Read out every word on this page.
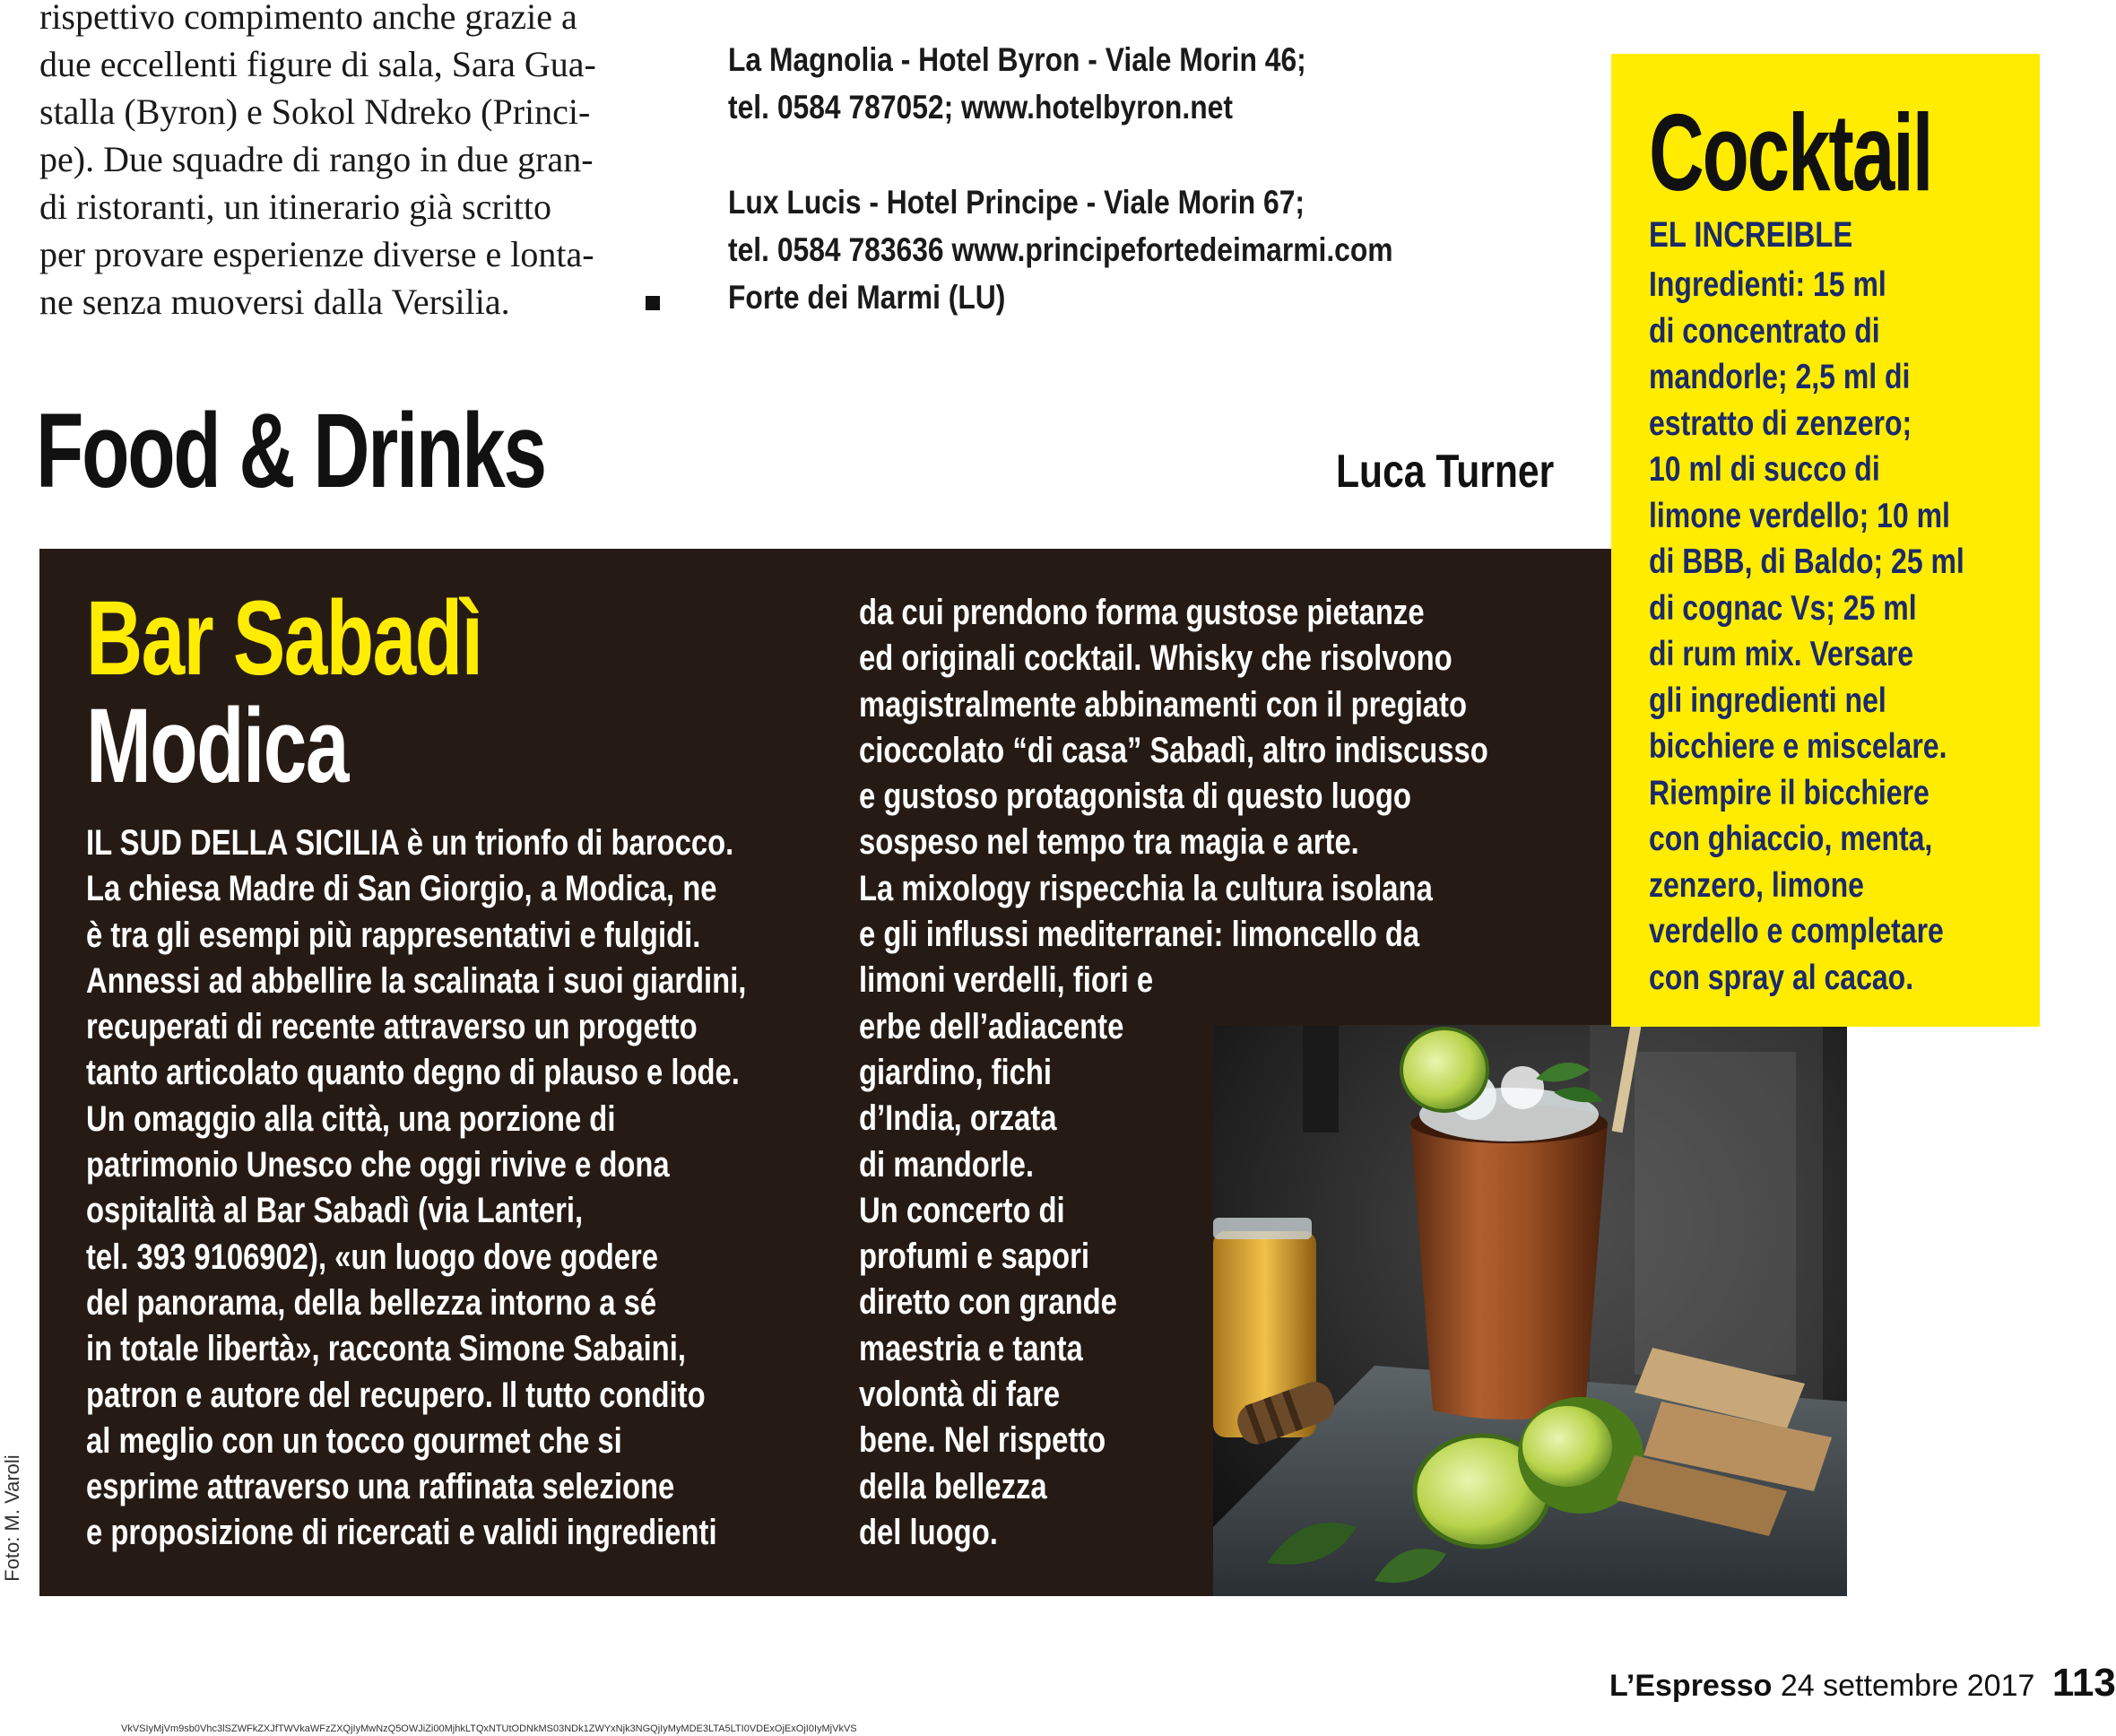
rispettivo compimento anche grazie a
due eccellenti figure di sala, Sara Gua-
stalla (Byron) e Sokol Ndreko (Princi-
pe). Due squadre di rango in due gran-
di ristoranti, un itinerario già scritto
per provare esperienze diverse e lonta-
ne senza muoversi dalla Versilia.
La Magnolia - Hotel Byron - Viale Morin 46;
tel. 0584 787052; www.hotelbyron.net
Lux Lucis - Hotel Principe - Viale Morin 67;
tel. 0584 783636 www.principefortedeimarmi.com
Forte dei Marmi (LU)
Food & Drinks	Luca Turner
Bar Sabadì
Modica
IL SUD DELLA SICILIA è un trionfo di barocco.
La chiesa Madre di San Giorgio, a Modica, ne
è tra gli esempi più rappresentativi e fulgidi.
Annessi ad abbellire la scalinata i suoi giardini,
recuperati di recente attraverso un progetto
tanto articolato quanto degno di plauso e lode.
Un omaggio alla città, una porzione di
patrimonio Unesco che oggi rivive e dona
ospitalità al Bar Sabadì (via Lanteri,
tel. 393 9106902), «un luogo dove godere
del panorama, della bellezza intorno a sé
in totale libertà», racconta Simone Sabaini,
patron e autore del recupero. Il tutto condito
al meglio con un tocco gourmet che si
esprime attraverso una raffinata selezione
e proposizione di ricercati e validi ingredienti
da cui prendono forma gustose pietanze
ed originali cocktail. Whisky che risolvono
magistralmente abbinamenti con il pregiato
cioccolato “di casa” Sabadì, altro indiscusso
e gustoso protagonista di questo luogo
sospeso nel tempo tra magia e arte.
La mixology rispecchia la cultura isolana
e gli influssi mediterranei: limoncello da
limoni verdelli, fiori e
erbe dell’adiacente
giardino, fichi
d’India, orzata
di mandorle.
Un concerto di
profumi e sapori
diretto con grande
maestria e tanta
volontà di fare
bene. Nel rispetto
della bellezza
del luogo.
Cocktail
EL INCREIBLE
Ingredienti: 15 ml
di concentrato di
mandorle; 2,5 ml di
estratto di zenzero;
10 ml di succo di
limone verdello; 10 ml
di BBB, di Baldo; 25 ml
di cognac Vs; 25 ml
di rum mix. Versare
gli ingredienti nel
bicchiere e miscelare.
Riempire il bicchiere
con ghiaccio, menta,
zenzero, limone
verdello e completare
con spray al cacao.
Foto: M. Varoli
L’Espresso 24 settembre 2017 113
VkVSIyMjVm9sb0Vhc3lSZWFkZXJfTWVkaWFzZXQjIyMwNzQ5OWJiZi00MjhkLTQxNTUtODNkMS03NDk1ZWYxNjk3NGQjIyMyMDE3LTA5LTI0VDExOjExOjI0IyMjVkVS
